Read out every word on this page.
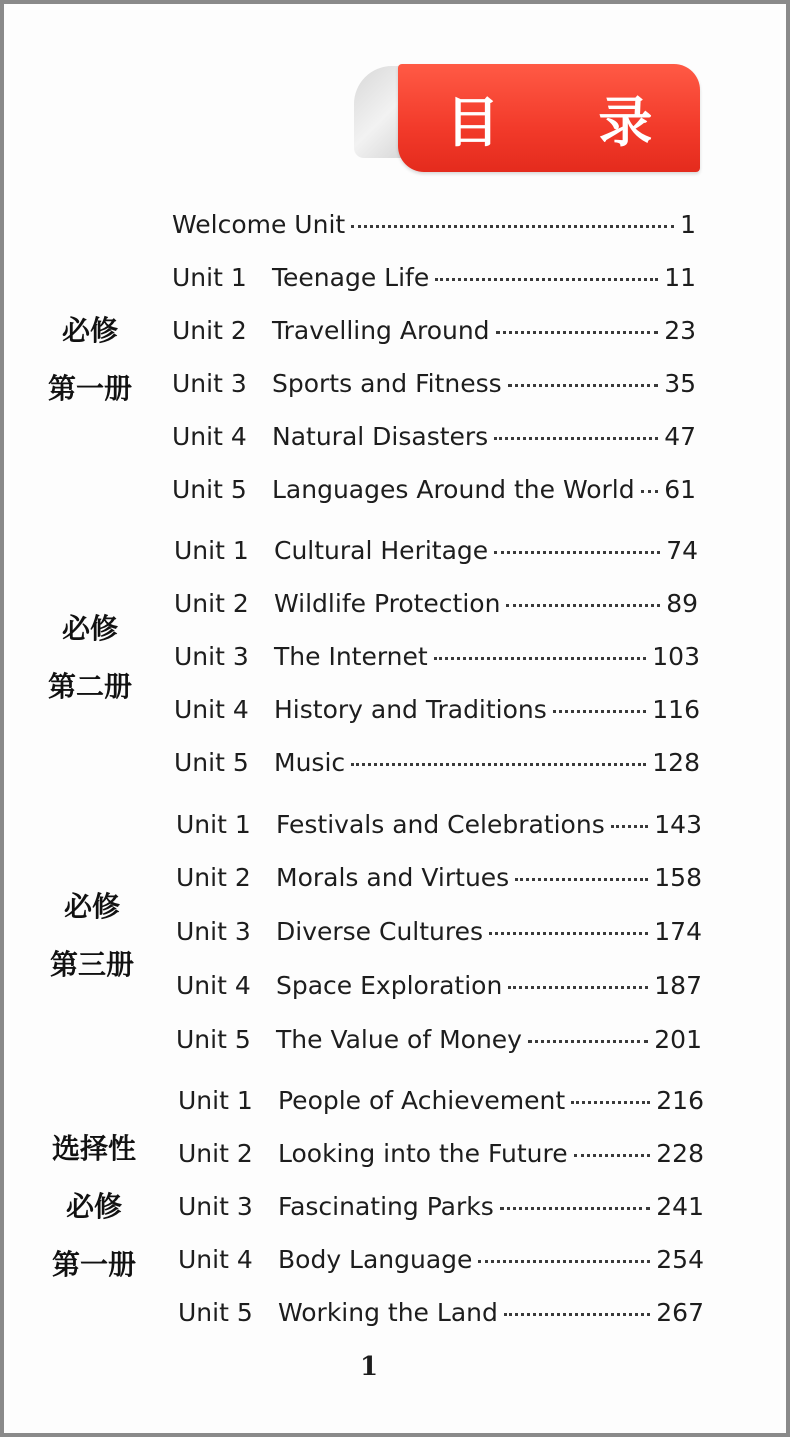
目 录
Welcome Unit	1
必修
第一册
Unit 1	Teenage Life	11
Unit 2	Travelling Around	23
Unit 3	Sports and Fitness	35
Unit 4	Natural Disasters	47
Unit 5	Languages Around the World 61
必修
第二册
Unit 1	Cultural Heritage	74
Unit 2	Wildlife Protection	89
Unit 3	The Internet	103
Unit 4	History and Traditions	116
Unit 5	Music	128
必修
第三册
Unit 1	Festivals and Celebrations 143
Unit 2	Morals and Virtues	158
Unit 3	Diverse Cultures	174
Unit 4	Space Exploration	187
Unit 5	The Value of Money	201
选择性
必修
第一册
Unit 1	People of Achievement	216
Unit 2	Looking into the Future	228
Unit 3	Fascinating Parks	241
Unit 4	Body Language	254
Unit 5	Working the Land	267
1
